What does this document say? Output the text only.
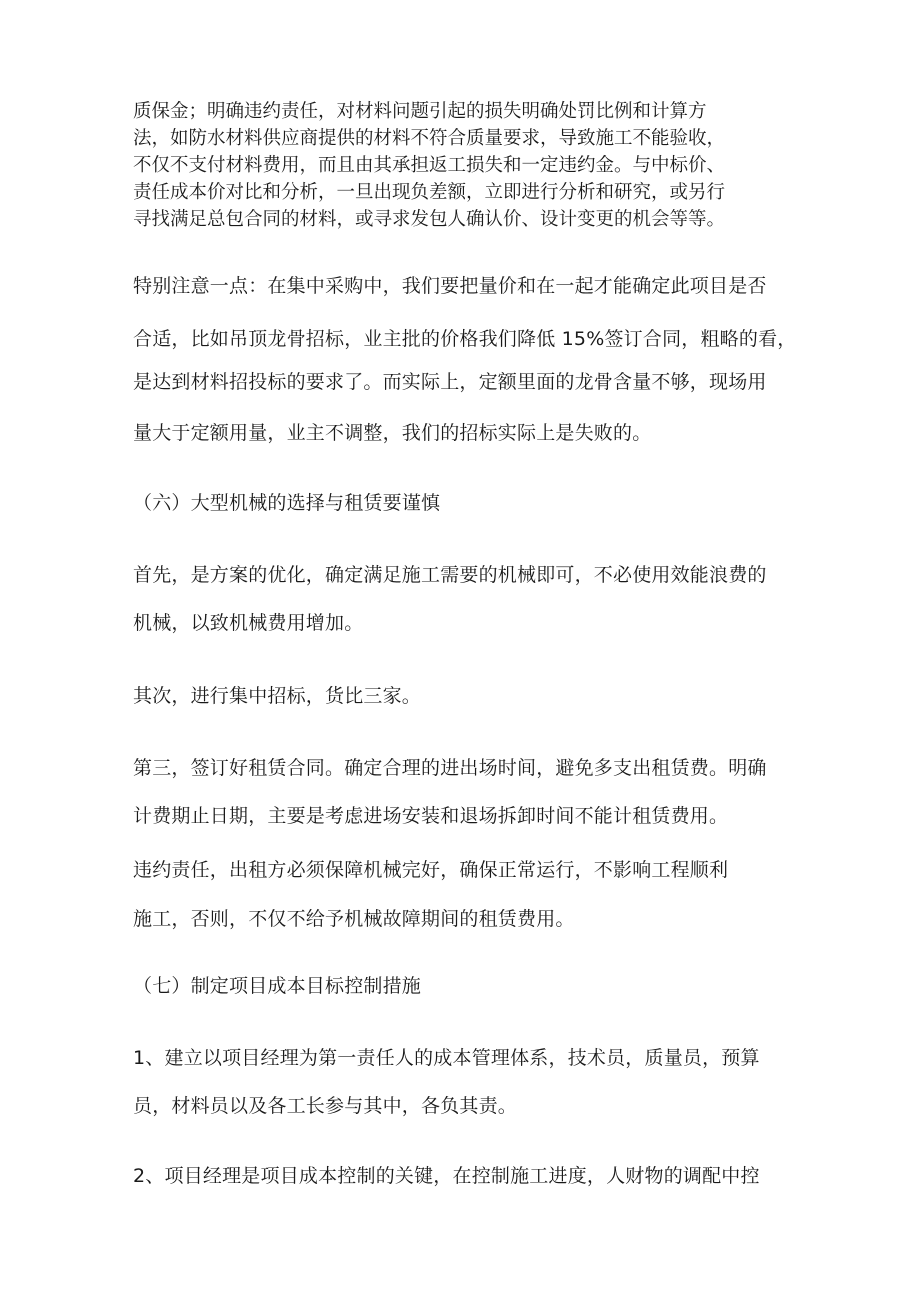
质保金；明确违约责任，对材料问题引起的损失明确处罚比例和计算方
法，如防水材料供应商提供的材料不符合质量要求，导致施工不能验收，
不仅不支付材料费用，而且由其承担返工损失和一定违约金。与中标价、
责任成本价对比和分析，一旦出现负差额，立即进行分析和研究，或另行
寻找满足总包合同的材料，或寻求发包人确认价、设计变更的机会等等。
特别注意一点：在集中采购中，我们要把量价和在一起才能确定此项目是否
合适，比如吊顶龙骨招标，业主批的价格我们降低 15%签订合同，粗略的看，
是达到材料招投标的要求了。而实际上，定额里面的龙骨含量不够，现场用
量大于定额用量，业主不调整，我们的招标实际上是失败的。
（六）大型机械的选择与租赁要谨慎
首先，是方案的优化，确定满足施工需要的机械即可，不必使用效能浪费的
机械，以致机械费用增加。
其次，进行集中招标，货比三家。
第三，签订好租赁合同。确定合理的进出场时间，避免多支出租赁费。明确
计费期止日期，主要是考虑进场安装和退场拆卸时间不能计租赁费用。
违约责任，出租方必须保障机械完好，确保正常运行，不影响工程顺利
施工，否则，不仅不给予机械故障期间的租赁费用。
（七）制定项目成本目标控制措施
1、建立以项目经理为第一责任人的成本管理体系，技术员，质量员，预算
员，材料员以及各工长参与其中，各负其责。
2、项目经理是项目成本控制的关键，在控制施工进度，人财物的调配中控
